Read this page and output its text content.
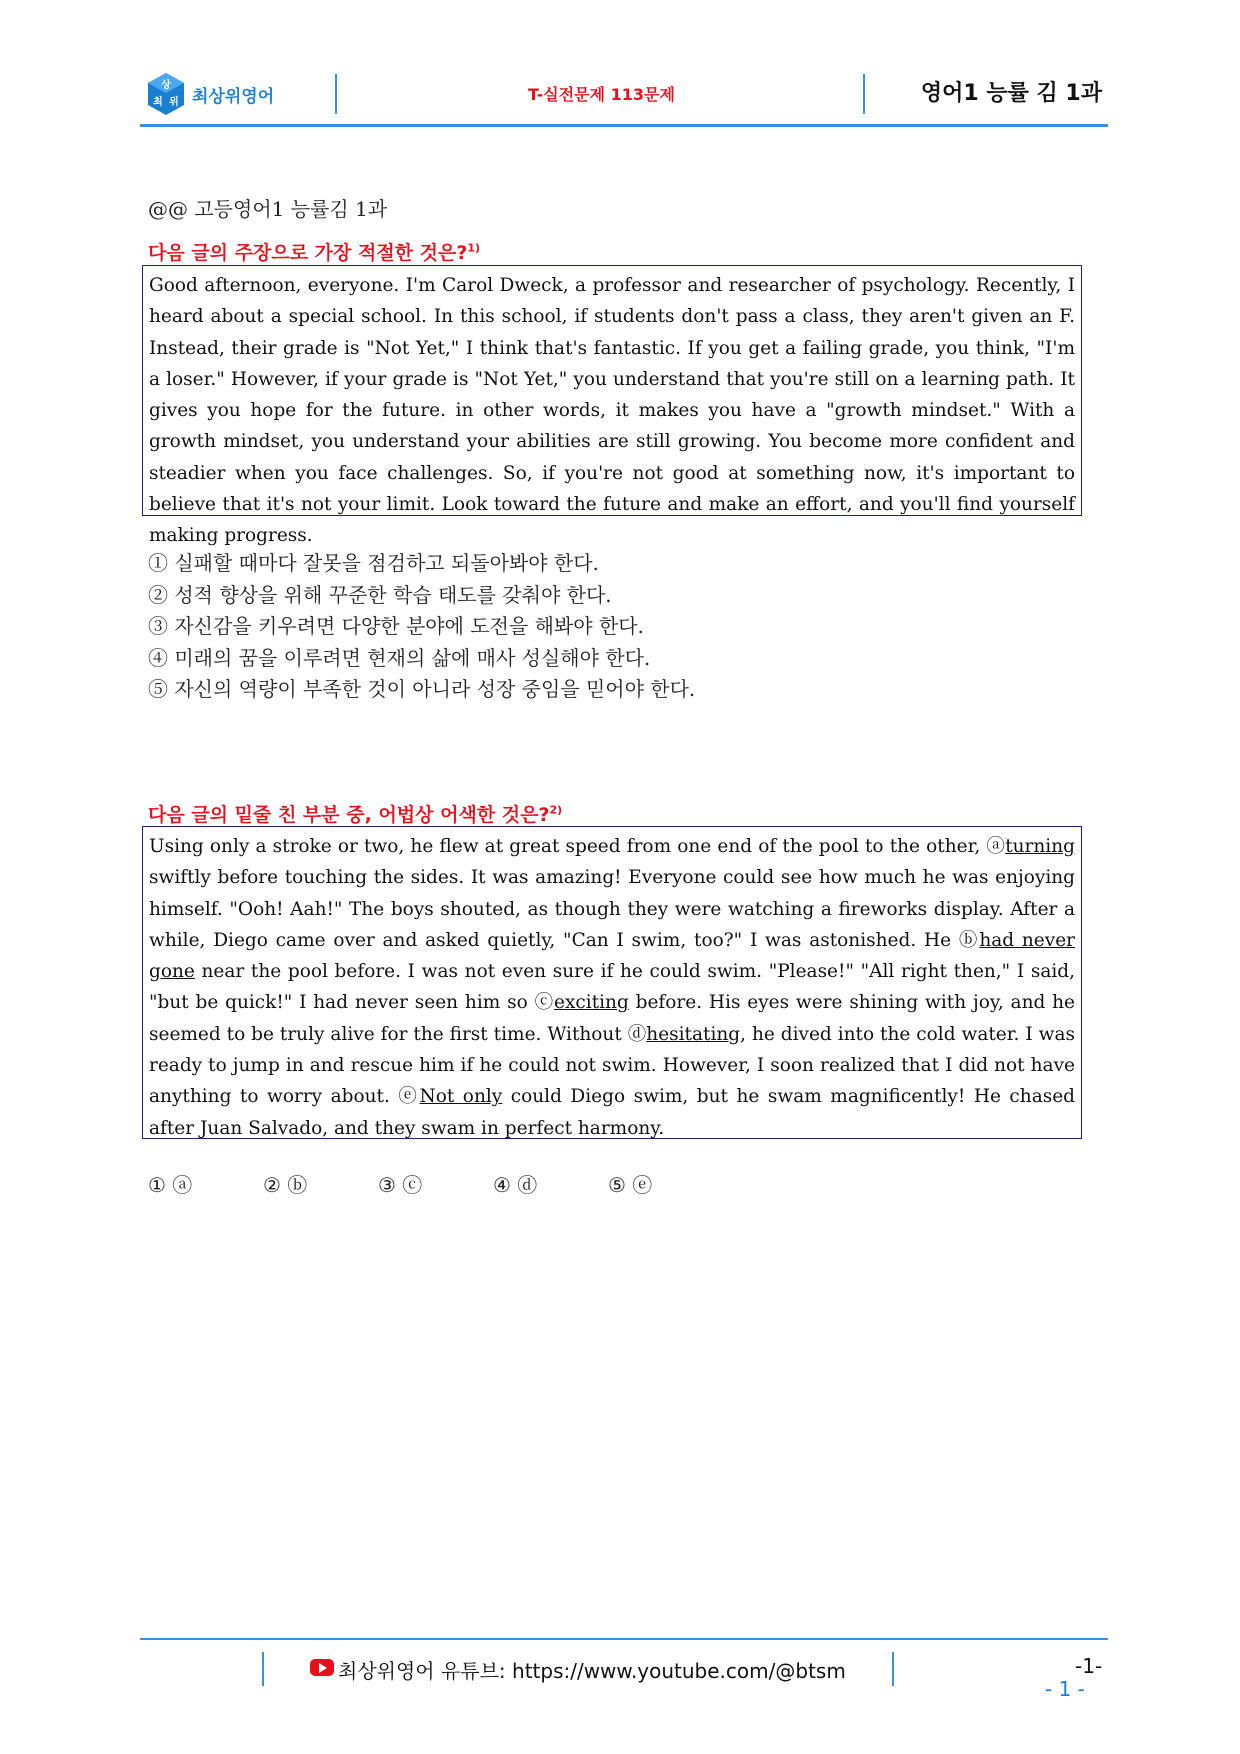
상
최 위 최상위영어	T-실전문제 113문제	영어1 능률 김 1과
@@ 고등영어1 능률김 1과
다음 글의 주장으로 가장 적절한 것은?$^{1)}$
Good afternoon, everyone. I'm Carol Dweck, a professor and researcher of psychology. Recently, I heard about a special school. In this school, if students don't pass a class, they aren't given an F. Instead, their grade is "Not Yet," I think that's fantastic. If you get a failing grade, you think, "I'm a loser." However, if your grade is "Not Yet," you understand that you're still on a learning path. It gives you hope for the future. in other words, it makes you have a "growth mindset." With a growth mindset, you understand your abilities are still growing. You become more confident and steadier when you face challenges. So, if you're not good at something now, it's important to believe that it's not your limit. Look toward the future and make an effort, and you'll find yourself making progress.
① 실패할 때마다 잘못을 점검하고 되돌아봐야 한다.
② 성적 향상을 위해 꾸준한 학습 태도를 갖춰야 한다.
③ 자신감을 키우려면 다양한 분야에 도전을 해봐야 한다.
④ 미래의 꿈을 이루려면 현재의 삶에 매사 성실해야 한다.
⑤ 자신의 역량이 부족한 것이 아니라 성장 중임을 믿어야 한다.
다음 글의 밑줄 친 부분 중, 어법상 어색한 것은?$^{2)}$
Using only a stroke or two, he flew at great speed from one end of the pool to the other, ⓐturning swiftly before touching the sides. It was amazing! Everyone could see how much he was enjoying himself. "Ooh! Aah!" The boys shouted, as though they were watching a fireworks display. After a while, Diego came over and asked quietly, "Can I swim, too?" I was astonished. He ⓑhad never gone near the pool before. I was not even sure if he could swim. "Please!" "All right then," I said, "but be quick!" I had never seen him so ⓒexciting before. His eyes were shining with joy, and he seemed to be truly alive for the first time. Without ⓓhesitating, he dived into the cold water. I was ready to jump in and rescue him if he could not swim. However, I soon realized that I did not have anything to worry about. ⓔNot only could Diego swim, but he swam magnificently! He chased after Juan Salvado, and they swam in perfect harmony.
① ⓐ	② ⓑ	③ ⓒ	④ ⓓ	⑤ ⓔ
최상위영어 유튜브: https://www.youtube.com/@btsm	-1-
- 1 -
